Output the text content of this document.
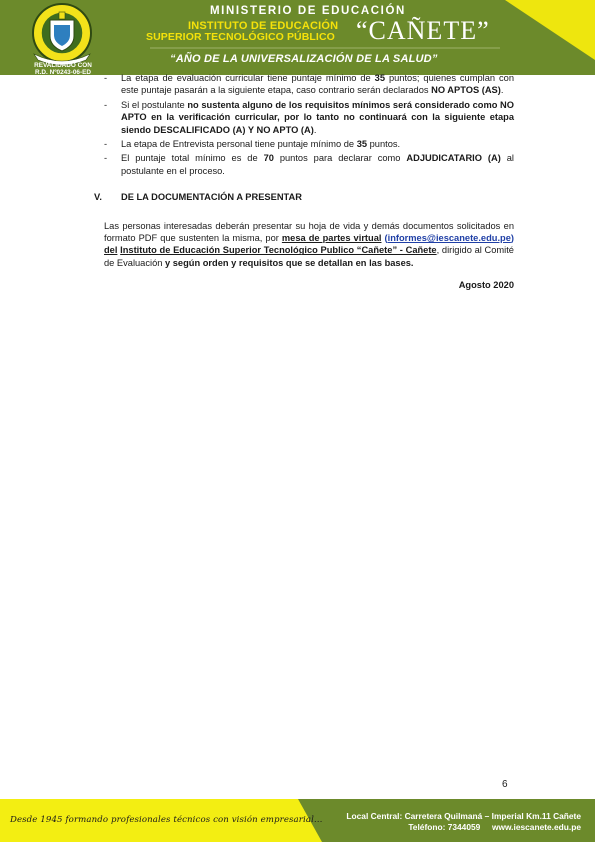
REVALIDADO CON
R.D. Nº0243-06-ED
MINISTERIO DE EDUCACIÓN
INSTITUTO DE EDUCACIÓN
SUPERIOR TECNOLÓGICO PÚBLICO “CAÑETE”
“AÑO DE LA UNIVERSALIZACIÓN DE LA SALUD”
- La etapa de evaluación curricular tiene puntaje mínimo de 35 puntos; quienes cumplan con este puntaje pasarán a la siguiente etapa, caso contrario serán declarados NO APTOS (AS).
- Si el postulante no sustenta alguno de los requisitos mínimos será considerado como NO APTO en la verificación curricular, por lo tanto no continuará con la siguiente etapa siendo DESCALIFICADO (A) Y NO APTO (A).
- La etapa de Entrevista personal tiene puntaje mínimo de 35 puntos.
- El puntaje total mínimo es de 70 puntos para declarar como ADJUDICATARIO (A) al postulante en el proceso.
V. DE LA DOCUMENTACIÓN A PRESENTAR

Las personas interesadas deberán presentar su hoja de vida y demás documentos solicitados en formato PDF que sustenten la misma, por mesa de partes virtual (informes@iescanete.edu.pe) del Instituto de Educación Superior Tecnológico Publico “Cañete” - Cañete, dirigido al Comité de Evaluación y según orden y requisitos que se detallan en las bases.

Agosto 2020

6
Desde 1945 formando profesionales técnicos con visión empresarial…	Local Central: Carretera Quilmaná – Imperial Km.11 Cañete
Teléfono: 7344059     www.iescanete.edu.pe
